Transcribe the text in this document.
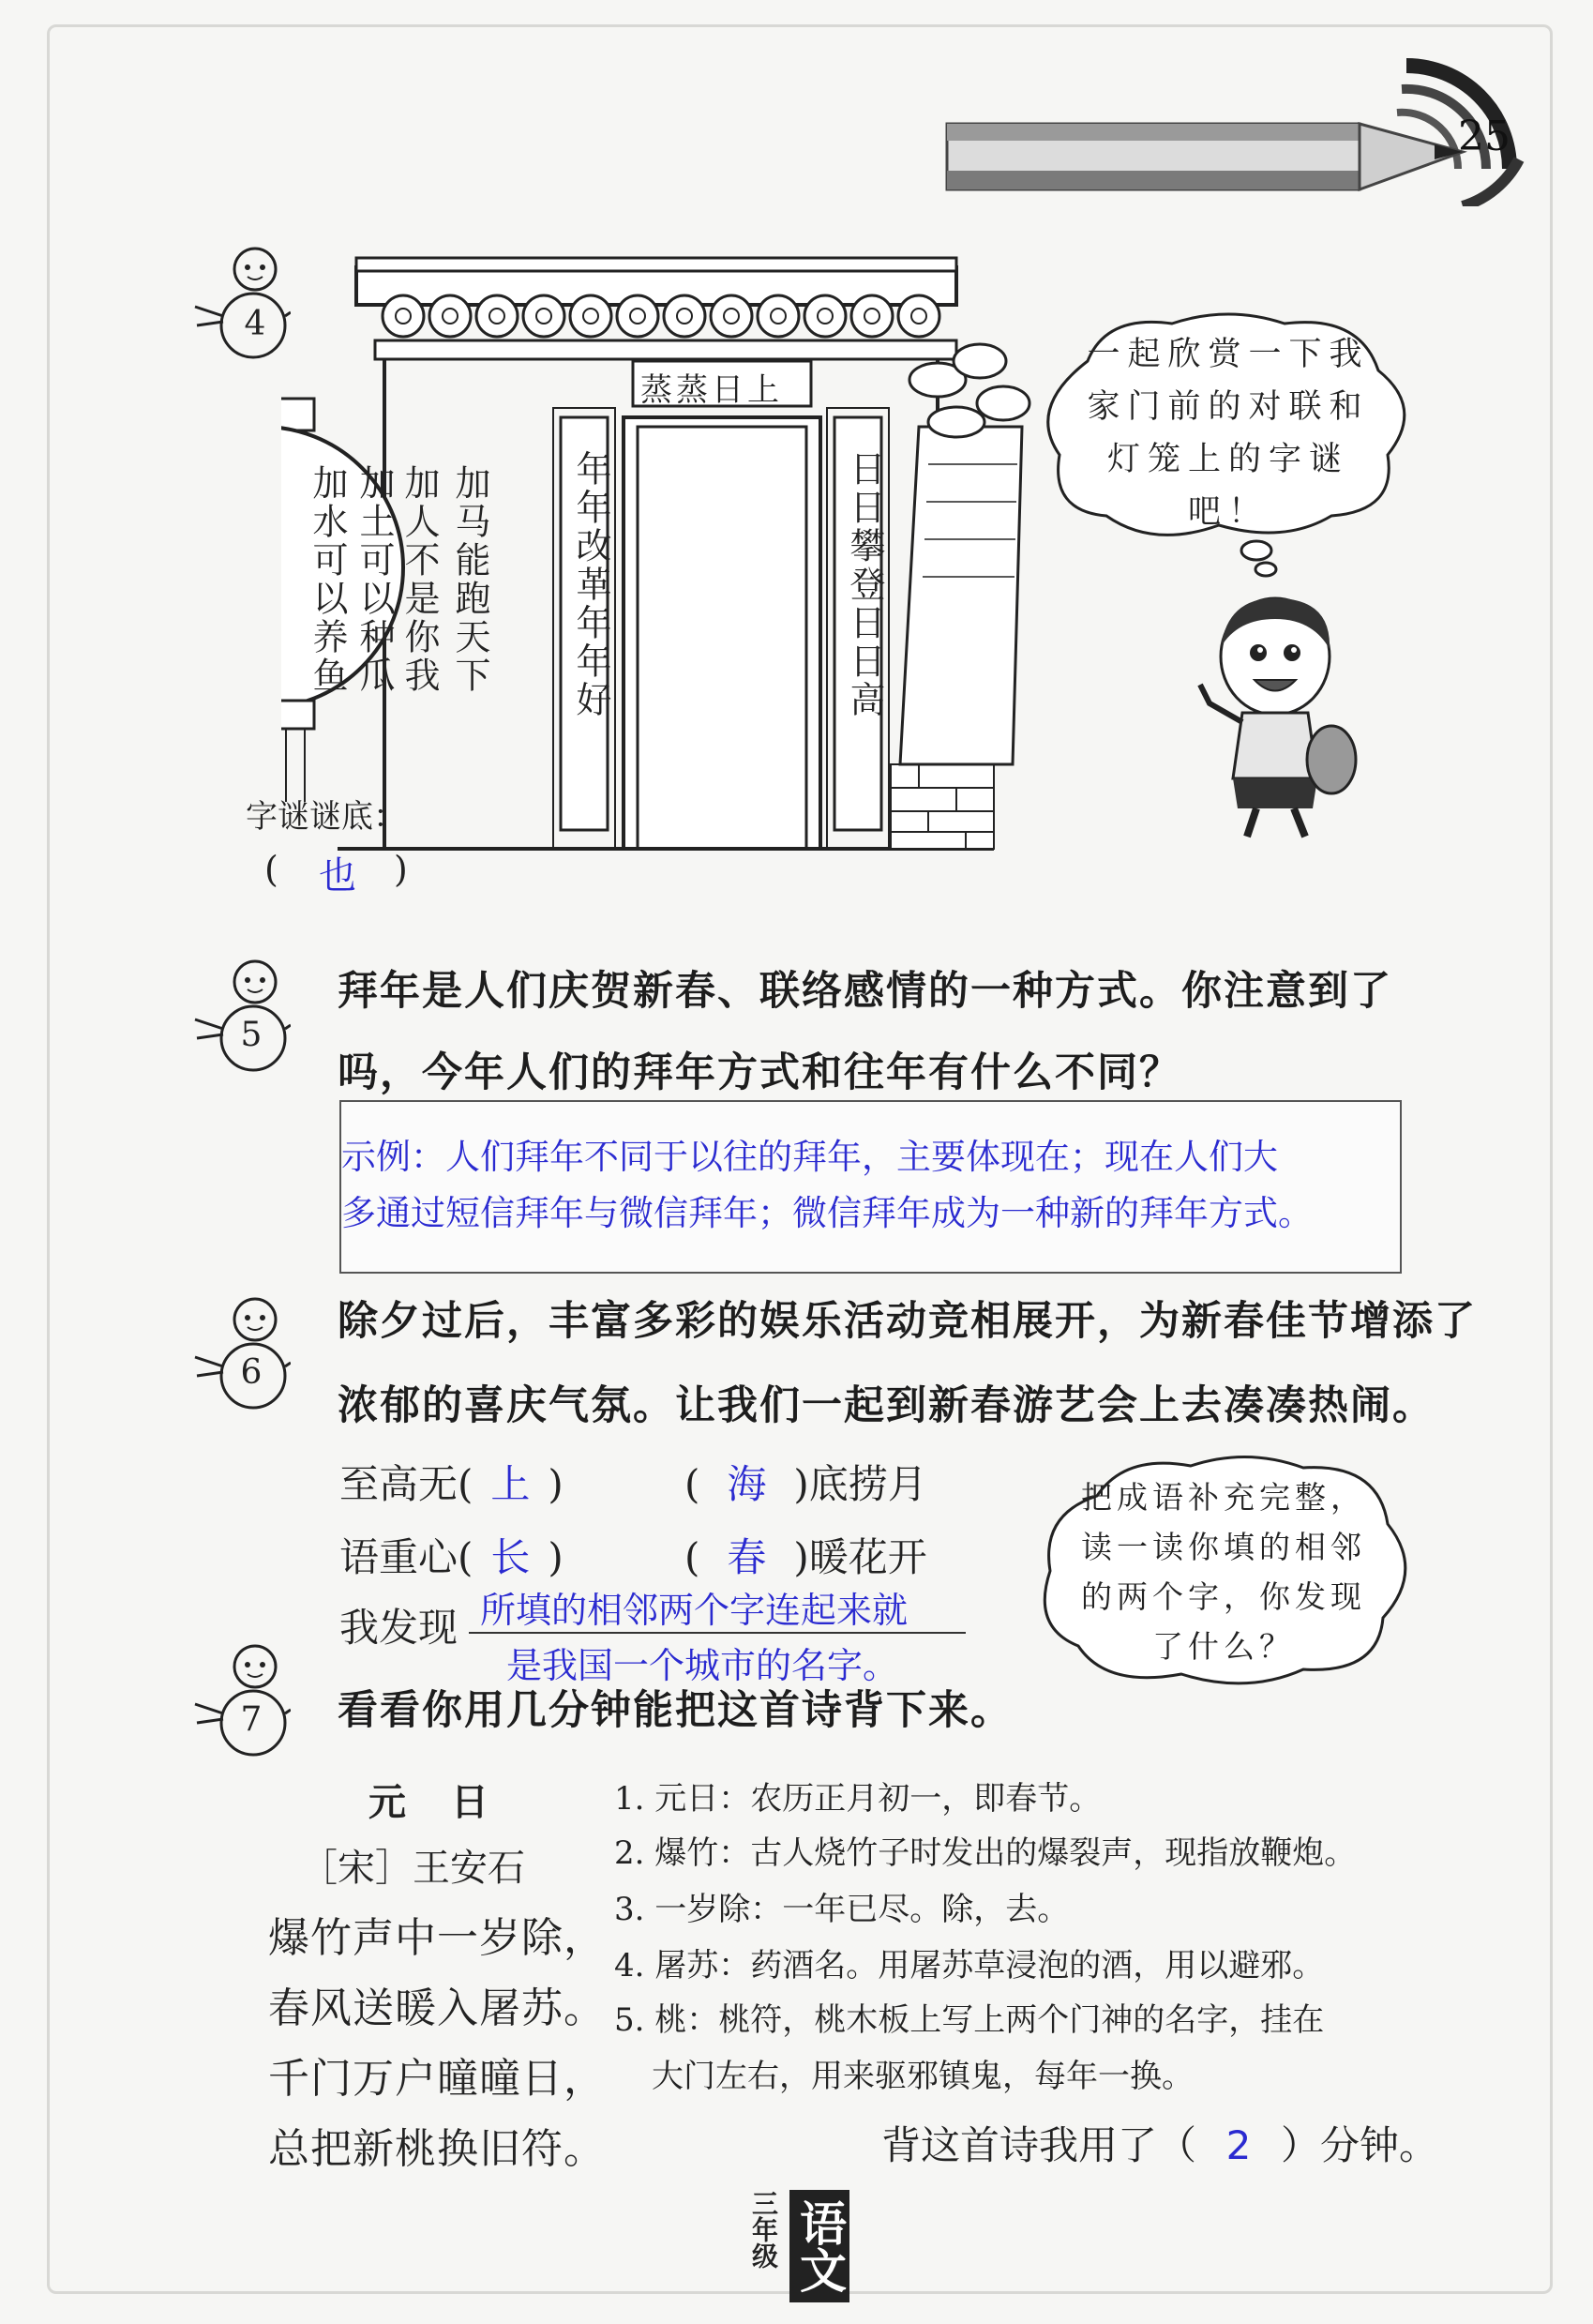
25
4
蒸蒸日上
年年改革年年好	日日攀登日日高
加马能跑天下
加人不是你我
加土可以种瓜
加水可以养鱼
一起欣赏一下我家门前的对联和灯笼上的字谜吧！
字谜谜底：
( 也 )
5
拜年是人们庆贺新春、联络感情的一种方式。你注意到了
吗，今年人们的拜年方式和往年有什么不同？
示例：人们拜年不同于以往的拜年，主要体现在；现在人们大
多通过短信拜年与微信拜年；微信拜年成为一种新的拜年方式。
6
除夕过后，丰富多彩的娱乐活动竞相展开，为新春佳节增添了
浓郁的喜庆气氛。让我们一起到新春游艺会上去凑凑热闹。
至高无( 上 )	( 海 )底捞月
语重心( 长 )	( 春 )暖花开
我发现 所填的相邻两个字连起来就
是我国一个城市的名字。
把成语补充完整，读一读你填的相邻的两个字，你发现了什么？
7 看看你用几分钟能把这首诗背下来。
元　日
［宋］王安石
爆竹声中一岁除，
春风送暖入屠苏。
千门万户曈曈日，
总把新桃换旧符。
1. 元日：农历正月初一，即春节。
2. 爆竹：古人烧竹子时发出的爆裂声，现指放鞭炮。
3. 一岁除：一年已尽。除，去。
4. 屠苏：药酒名。用屠苏草浸泡的酒，用以避邪。
5. 桃：桃符，桃木板上写上两个门神的名字，挂在
大门左右，用来驱邪镇鬼，每年一换。
背这首诗我用了（ 2 ）分钟。
三年级 语文
